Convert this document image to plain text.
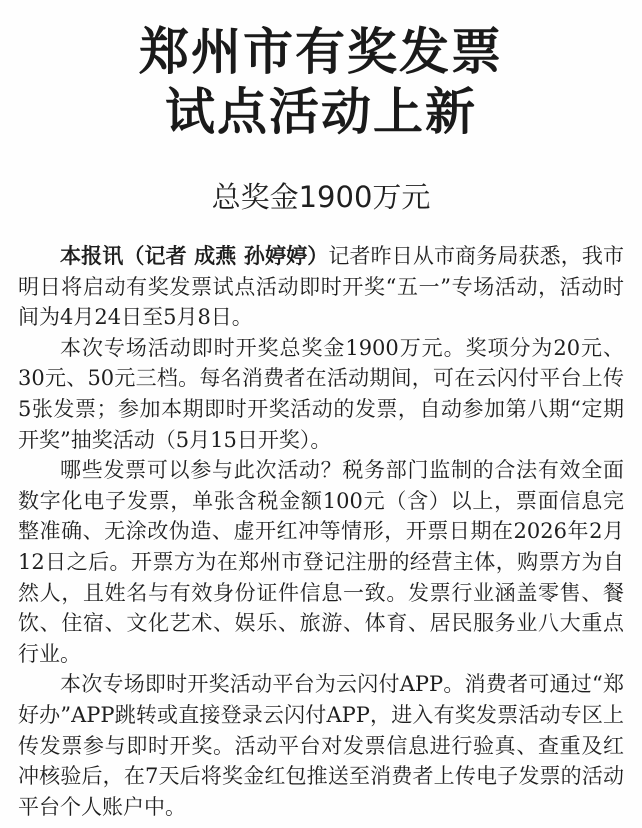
郑州市有奖发票
试点活动上新
总奖金1900万元

本报讯（记者 成燕 孙婷婷）记者昨日从市商务局获悉，我市明日将启动有奖发票试点活动即时开奖“五一”专场活动，活动时间为4月24日至5月8日。

本次专场活动即时开奖总奖金1900万元。奖项分为20元、30元、50元三档。每名消费者在活动期间，可在云闪付平台上传5张发票；参加本期即时开奖活动的发票，自动参加第八期“定期开奖”抽奖活动（5月15日开奖）。

哪些发票可以参与此次活动？税务部门监制的合法有效全面数字化电子发票，单张含税金额100元（含）以上，票面信息完整准确、无涂改伪造、虚开红冲等情形，开票日期在2026年2月12日之后。开票方为在郑州市登记注册的经营主体，购票方为自然人，且姓名与有效身份证件信息一致。发票行业涵盖零售、餐饮、住宿、文化艺术、娱乐、旅游、体育、居民服务业八大重点行业。

本次专场即时开奖活动平台为云闪付APP。消费者可通过“郑好办”APP跳转或直接登录云闪付APP，进入有奖发票活动专区上传发票参与即时开奖。活动平台对发票信息进行验真、查重及红冲核验后，在7天后将奖金红包推送至消费者上传电子发票的活动平台个人账户中。
